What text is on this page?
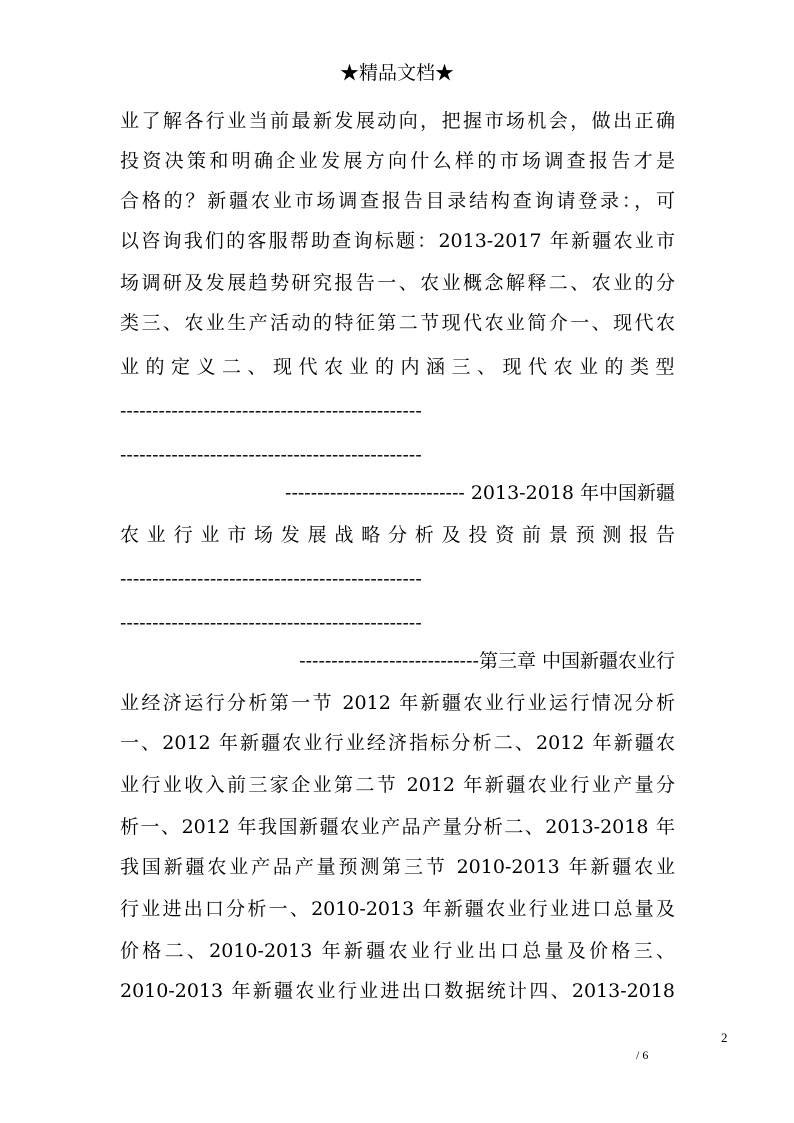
★精品文档★
业了解各行业当前最新发展动向，把握市场机会，做出正确
投资决策和明确企业发展方向什么样的市场调查报告才是
合格的？新疆农业市场调查报告目录结构查询请登录：，可
以咨询我们的客服帮助查询标题：2013-2017 年新疆农业市
场调研及发展趋势研究报告一、农业概念解释二、农业的分
类三、农业生产活动的特征第二节现代农业简介一、现代农
业的定义二、现代农业的内涵三、现代农业的类型
-----------------------------------------------
-----------------------------------------------
---------------------------- 2013-2018 年中国新疆
农业行业市场发展战略分析及投资前景预测报告
-----------------------------------------------
-----------------------------------------------
----------------------------第三章 中国新疆农业行
业经济运行分析第一节 2012 年新疆农业行业运行情况分析
一、2012 年新疆农业行业经济指标分析二、2012 年新疆农
业行业收入前三家企业第二节 2012 年新疆农业行业产量分
析一、2012 年我国新疆农业产品产量分析二、2013-2018 年
我国新疆农业产品产量预测第三节 2010-2013 年新疆农业
行业进出口分析一、2010-2013 年新疆农业行业进口总量及
价格二、2010-2013 年新疆农业行业出口总量及价格三、
2010-2013 年新疆农业行业进出口数据统计四、2013-2018
2
/ 6
